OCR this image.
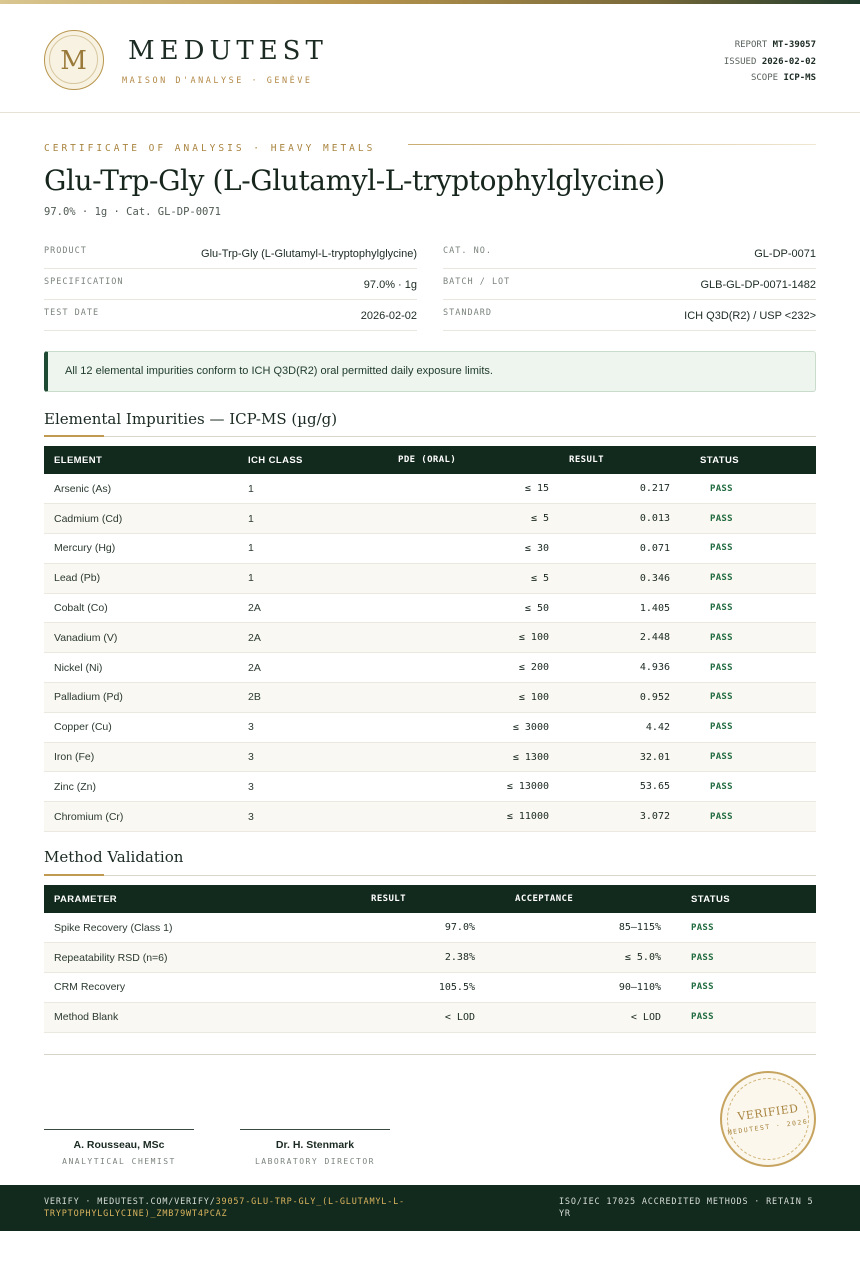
M	MEDUTEST
MAISON D'ANALYSE · GENÈVE
REPORT MT-39057
ISSUED 2026-02-02
SCOPE ICP-MS
CERTIFICATE OF ANALYSIS · HEAVY METALS
Glu-Trp-Gly (L-Glutamyl-L-tryptophylglycine)
97.0% · 1g · Cat. GL-DP-0071
PRODUCT	Glu-Trp-Gly (L-Glutamyl-L-tryptophylglycine)
SPECIFICATION	97.0% · 1g
TEST DATE	2026-02-02
CAT. NO.	GL-DP-0071
BATCH / LOT	GLB-GL-DP-0071-1482
STANDARD	ICH Q3D(R2) / USP <232>
All 12 elemental impurities conform to ICH Q3D(R2) oral permitted daily exposure limits.
Elemental Impurities — ICP-MS (µg/g)
ELEMENT	ICH CLASS	PDE (ORAL)	RESULT	STATUS
Arsenic (As)	1	≤ 15	0.217	PASS
Cadmium (Cd)	1	≤ 5	0.013	PASS
Mercury (Hg)	1	≤ 30	0.071	PASS
Lead (Pb)	1	≤ 5	0.346	PASS
Cobalt (Co)	2A	≤ 50	1.405	PASS
Vanadium (V)	2A	≤ 100	2.448	PASS
Nickel (Ni)	2A	≤ 200	4.936	PASS
Palladium (Pd)	2B	≤ 100	0.952	PASS
Copper (Cu)	3	≤ 3000	4.42	PASS
Iron (Fe)	3	≤ 1300	32.01	PASS
Zinc (Zn)	3	≤ 13000	53.65	PASS
Chromium (Cr)	3	≤ 11000	3.072	PASS
Method Validation
PARAMETER	RESULT	ACCEPTANCE	STATUS
Spike Recovery (Class 1)	97.0%	85–115%	PASS
Repeatability RSD (n=6)	2.38%	≤ 5.0%	PASS
CRM Recovery	105.5%	90–110%	PASS
Method Blank	< LOD	< LOD	PASS
A. Rousseau, MSc
ANALYTICAL CHEMIST
Dr. H. Stenmark
LABORATORY DIRECTOR
VERIFIED
MEDUTEST · 2026
VERIFY · MEDUTEST.COM/VERIFY/39057-GLU-TRP-GLY_(L-GLUTAMYL-L-TRYPTOPHYLGLYCINE)_ZMB79WT4PCAZ
ISO/IEC 17025 ACCREDITED METHODS · RETAIN 5 YR
